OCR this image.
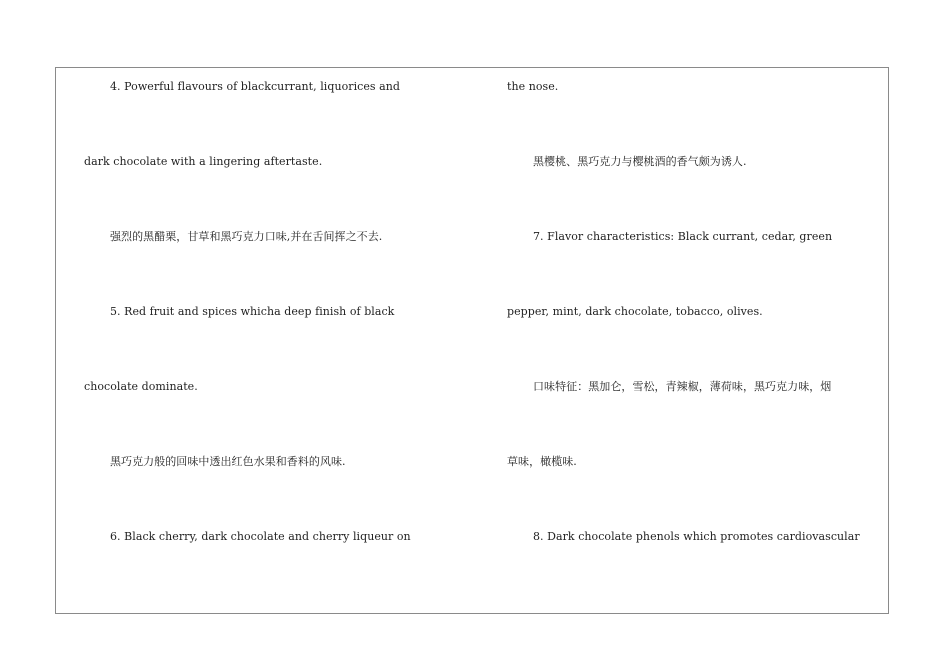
4. Powerful flavours of blackcurrant, liquorices and
dark chocolate with a lingering aftertaste.
强烈的黑醋栗，甘草和黑巧克力口味,并在舌间挥之不去.
5. Red fruit and spices whicha deep finish of black
chocolate dominate.
黑巧克力般的回味中透出红色水果和香料的风味.
6. Black cherry, dark chocolate and cherry liqueur on
the nose.
黑樱桃、黑巧克力与樱桃酒的香气颇为诱人.
7. Flavor characteristics: Black currant, cedar, green
pepper, mint, dark chocolate, tobacco, olives.
口味特征：黑加仑，雪松，青辣椒，薄荷味，黑巧克力味，烟
草味，橄榄味.
8. Dark chocolate phenols which promotes cardiovascular
